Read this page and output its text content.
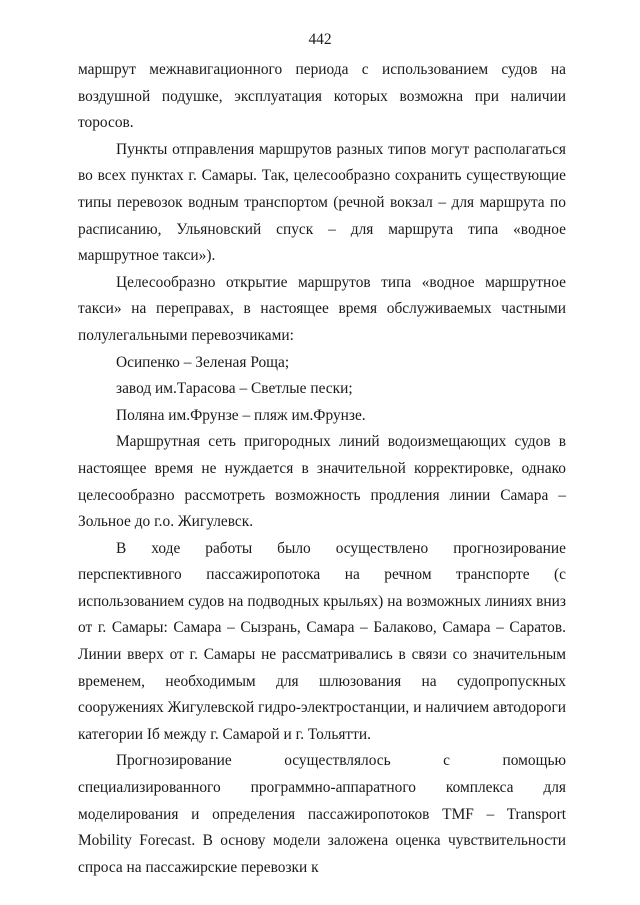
442

маршрут межнавигационного периода с использованием судов на воздушной подушке, эксплуатация которых возможна при наличии торосов.

Пункты отправления маршрутов разных типов могут располагаться во всех пунктах г. Самары. Так, целесообразно сохранить существующие типы перевозок водным транспортом (речной вокзал – для маршрута по расписанию, Ульяновский спуск – для маршрута типа «водное маршрутное такси»).

Целесообразно открытие маршрутов типа «водное маршрутное такси» на переправах, в настоящее время обслуживаемых частными полулегальными перевозчиками:

Осипенко – Зеленая Роща;

завод им.Тарасова – Светлые пески;

Поляна им.Фрунзе – пляж им.Фрунзе.

Маршрутная сеть пригородных линий водоизмещающих судов в настоящее время не нуждается в значительной корректировке, однако целесообразно рассмотреть возможность продления линии Самара – Зольное до г.о. Жигулевск.

В ходе работы было осуществлено прогнозирование перспективного пассажиропотока на речном транспорте (с использованием судов на подводных крыльях) на возможных линиях вниз от г. Самары: Самара – Сызрань, Самара – Балаково, Самара – Саратов. Линии вверх от г. Самары не рассматривались в связи со значительным временем, необходимым для шлюзования на судопропускных сооружениях Жигулевской гидро-электростанции, и наличием автодороги категории Iб между г. Самарой и г. Тольятти.

Прогнозирование осуществлялось с помощью специализированного программно-аппаратного комплекса для моделирования и определения пассажиропотоков TMF – Transport Mobility Forecast. В основу модели заложена оценка чувствительности спроса на пассажирские перевозки к
